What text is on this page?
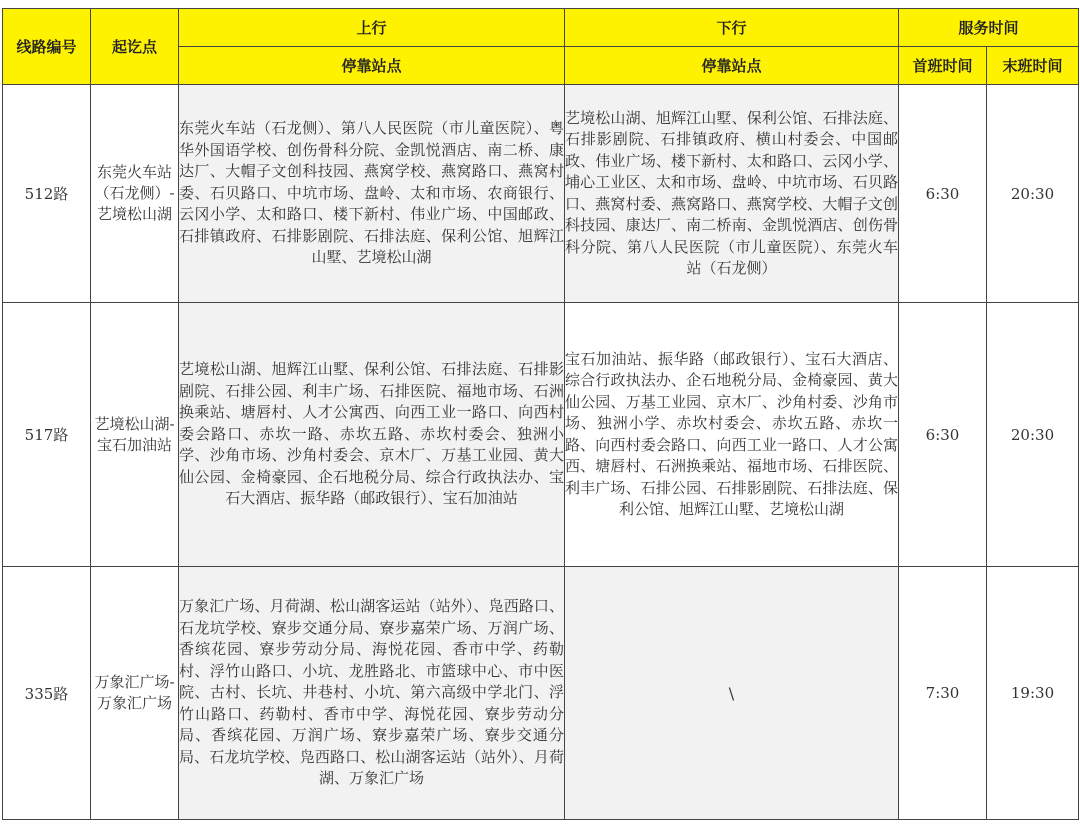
线路编号	起讫点	上行	下行	服务时间	
		停靠站点	停靠站点	首班时间	末班时间
512路	东莞火车站（石龙侧）-艺境松山湖	东莞火车站（石龙侧）、第八人民医院（市儿童医院）、粤华外国语学校、创伤骨科分院、金凯悦酒店、南二桥、康达厂、大帽子文创科技园、燕窝学校、燕窝路口、燕窝村委、石贝路口、中坑市场、盘岭、太和市场、农商银行、云冈小学、太和路口、楼下新村、伟业广场、中国邮政、石排镇政府、石排影剧院、石排法庭、保利公馆、旭辉江山墅、艺境松山湖	艺境松山湖、旭辉江山墅、保利公馆、石排法庭、石排影剧院、石排镇政府、横山村委会、中国邮政、伟业广场、楼下新村、太和路口、云冈小学、埔心工业区、太和市场、盘岭、中坑市场、石贝路口、燕窝村委、燕窝路口、燕窝学校、大帽子文创科技园、康达厂、南二桥南、金凯悦酒店、创伤骨科分院、第八人民医院（市儿童医院）、东莞火车站（石龙侧）	6:30	20:30
517路	艺境松山湖-宝石加油站	艺境松山湖、旭辉江山墅、保利公馆、石排法庭、石排影剧院、石排公园、利丰广场、石排医院、福地市场、石洲换乘站、塘唇村、人才公寓西、向西工业一路口、向西村委会路口、赤坎一路、赤坎五路、赤坎村委会、独洲小学、沙角市场、沙角村委会、京木厂、万基工业园、黄大仙公园、金椅豪园、企石地税分局、综合行政执法办、宝石大酒店、振华路（邮政银行）、宝石加油站	宝石加油站、振华路（邮政银行）、宝石大酒店、综合行政执法办、企石地税分局、金椅豪园、黄大仙公园、万基工业园、京木厂、沙角村委、沙角市场、独洲小学、赤坎村委会、赤坎五路、赤坎一路、向西村委会路口、向西工业一路口、人才公寓西、塘唇村、石洲换乘站、福地市场、石排医院、利丰广场、石排公园、石排影剧院、石排法庭、保利公馆、旭辉江山墅、艺境松山湖	6:30	20:30
335路	万象汇广场-万象汇广场	万象汇广场、月荷湖、松山湖客运站（站外）、凫西路口、石龙坑学校、寮步交通分局、寮步嘉荣广场、万润广场、香缤花园、寮步劳动分局、海悦花园、香市中学、药勒村、浮竹山路口、小坑、龙胜路北、市篮球中心、市中医院、古村、长坑、井巷村、小坑、第六高级中学北门、浮竹山路口、药勒村、香市中学、海悦花园、寮步劳动分局、香缤花园、万润广场、寮步嘉荣广场、寮步交通分局、石龙坑学校、凫西路口、松山湖客运站（站外）、月荷湖、万象汇广场	\	7:30	19:30
